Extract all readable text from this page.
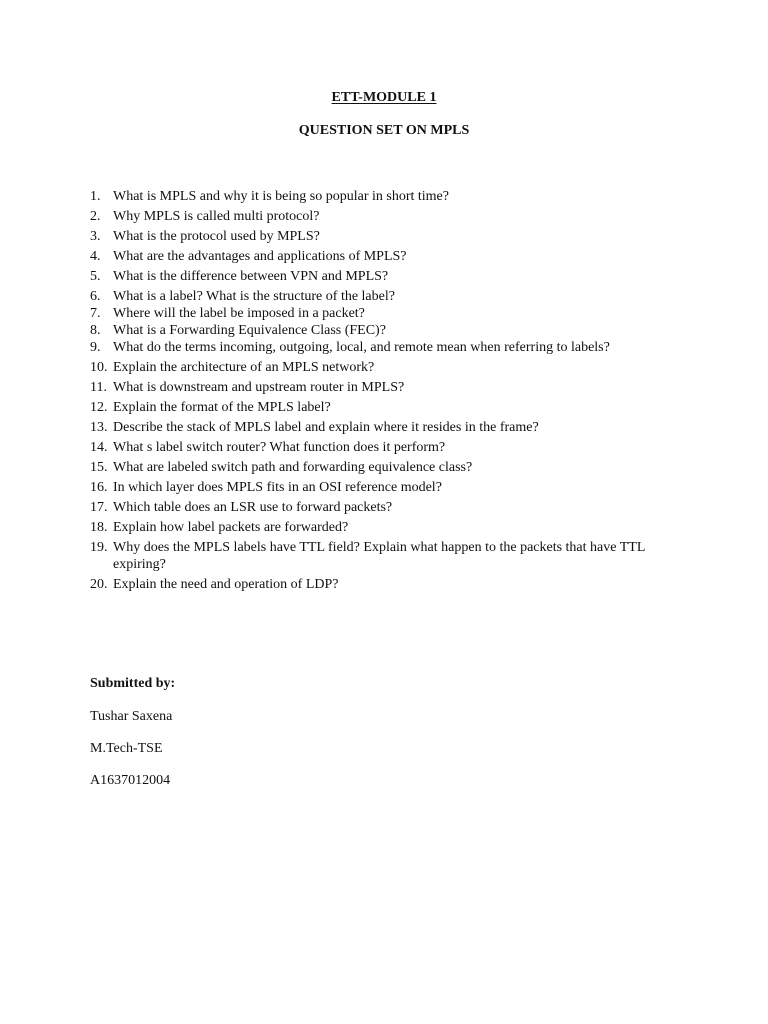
ETT-MODULE 1
QUESTION SET ON MPLS
1. What is MPLS and why it is being so popular in short time?
2. Why MPLS is called multi protocol?
3. What is the protocol used by MPLS?
4. What are the advantages and applications of MPLS?
5. What is the difference between VPN and MPLS?
6. What is a label? What is the structure of the label?
7. Where will the label be imposed in a packet?
8. What is a Forwarding Equivalence Class (FEC)?
9. What do the terms incoming, outgoing, local, and remote mean when referring to labels?
10. Explain the architecture of an MPLS network?
11. What is downstream and upstream router in MPLS?
12. Explain the format of the MPLS label?
13. Describe the stack of MPLS label and explain where it resides in the frame?
14. What s label switch router? What function does it perform?
15. What are labeled switch path and forwarding equivalence class?
16. In which layer does MPLS fits in an OSI reference model?
17. Which table does an LSR use to forward packets?
18. Explain how label packets are forwarded?
19. Why does the MPLS labels have TTL field? Explain what happen to the packets that have TTL expiring?
20. Explain the need and operation of LDP?
Submitted by:
Tushar Saxena
M.Tech-TSE
A1637012004
